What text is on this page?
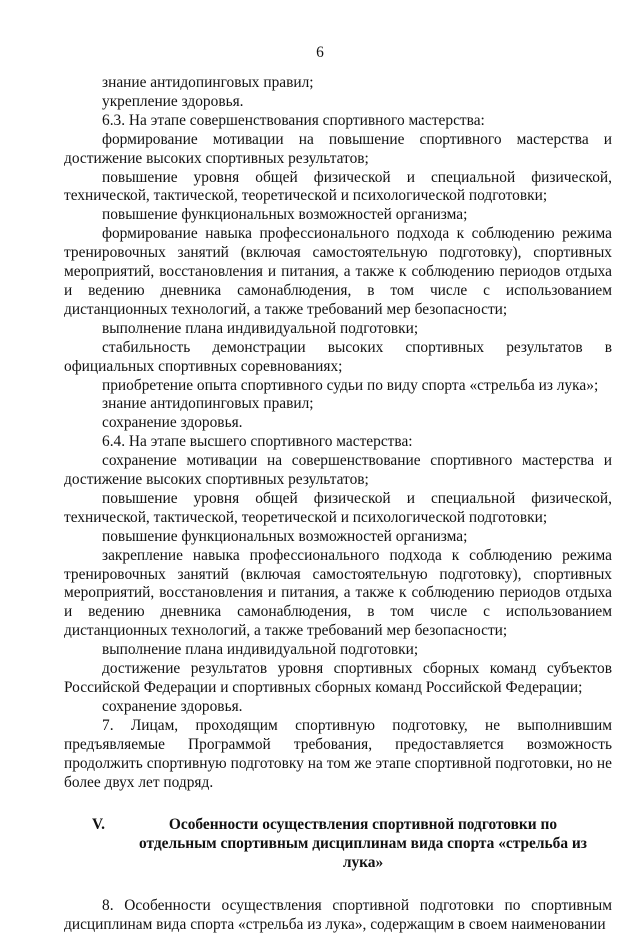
6

знание антидопинговых правил;

укрепление здоровья.

6.3. На этапе совершенствования спортивного мастерства:

формирование мотивации на повышение спортивного мастерства и достижение высоких спортивных результатов;

повышение уровня общей физической и специальной физической, технической, тактической, теоретической и психологической подготовки;

повышение функциональных возможностей организма;

формирование навыка профессионального подхода к соблюдению режима тренировочных занятий (включая самостоятельную подготовку), спортивных мероприятий, восстановления и питания, а также к соблюдению периодов отдыха и ведению дневника самонаблюдения, в том числе с использованием дистанционных технологий, а также требований мер безопасности;

выполнение плана индивидуальной подготовки;

стабильность демонстрации высоких спортивных результатов в официальных спортивных соревнованиях;

приобретение опыта спортивного судьи по виду спорта «стрельба из лука»;

знание антидопинговых правил;

сохранение здоровья.

6.4. На этапе высшего спортивного мастерства:

сохранение мотивации на совершенствование спортивного мастерства и достижение высоких спортивных результатов;

повышение уровня общей физической и специальной физической, технической, тактической, теоретической и психологической подготовки;

повышение функциональных возможностей организма;

закрепление навыка профессионального подхода к соблюдению режима тренировочных занятий (включая самостоятельную подготовку), спортивных мероприятий, восстановления и питания, а также к соблюдению периодов отдыха и ведению дневника самонаблюдения, в том числе с использованием дистанционных технологий, а также требований мер безопасности;

выполнение плана индивидуальной подготовки;

достижение результатов уровня спортивных сборных команд субъектов Российской Федерации и спортивных сборных команд Российской Федерации;

сохранение здоровья.

7. Лицам, проходящим спортивную подготовку, не выполнившим предъявляемые Программой требования, предоставляется возможность продолжить спортивную подготовку на том же этапе спортивной подготовки, но не более двух лет подряд.

V.	Особенности осуществления спортивной подготовки по отдельным спортивным дисциплинам вида спорта «стрельба из лука»

8. Особенности осуществления спортивной подготовки по спортивным дисциплинам вида спорта «стрельба из лука», содержащим в своем наименовании
